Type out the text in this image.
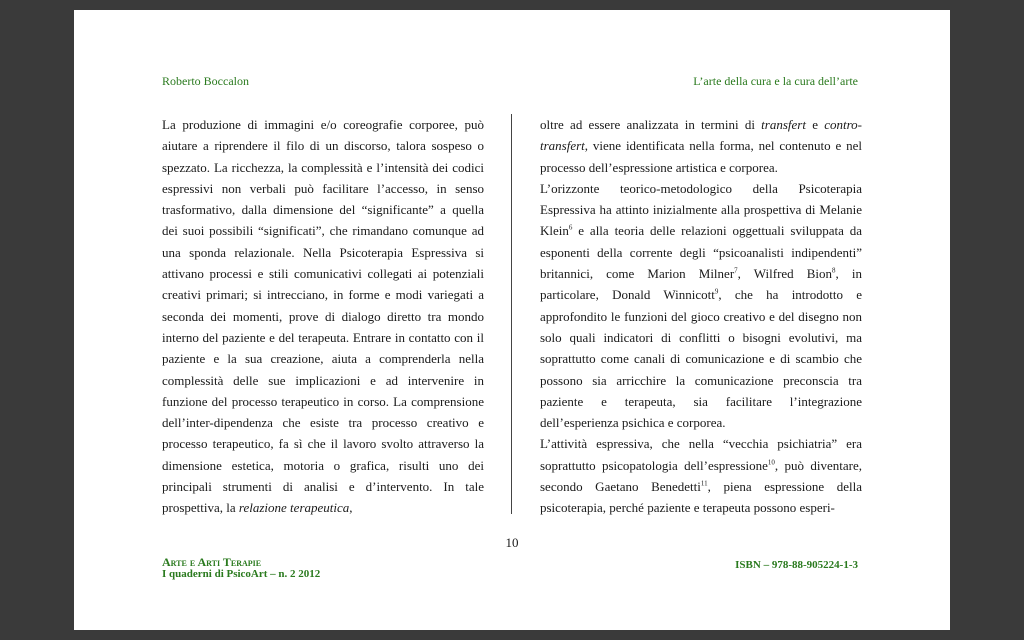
Roberto Boccalon	L’arte della cura e la cura dell’arte

La produzione di immagini e/o coreografie corporee, può aiutare a riprendere il filo di un discorso, talora sospeso o spezzato. La ricchezza, la complessità e l’intensità dei codici espressivi non verbali può facilitare l’accesso, in senso trasformativo, dalla dimensione del “significante” a quella dei suoi possibili “significati”, che rimandano comunque ad una sponda relazionale. Nella Psicoterapia Espressiva si attivano processi e stili comunicativi collegati ai potenziali creativi primari; si intrecciano, in forme e modi variegati a seconda dei momenti, prove di dialogo diretto tra mondo interno del paziente e del terapeuta. Entrare in contatto con il paziente e la sua creazione, aiuta a comprenderla nella complessità delle sue implicazioni e ad intervenire in funzione del processo terapeutico in corso. La comprensione dell’inter-dipendenza che esiste tra processo creativo e processo terapeutico, fa sì che il lavoro svolto attraverso la dimensione estetica, motoria o grafica, risulti uno dei principali strumenti di analisi e d’intervento. In tale prospettiva, la relazione terapeutica,

oltre ad essere analizzata in termini di transfert e contro-transfert, viene identificata nella forma, nel contenuto e nel processo dell’espressione artistica e corporea.

L’orizzonte teorico-metodologico della Psicoterapia Espressiva ha attinto inizialmente alla prospettiva di Melanie Klein$^6$ e alla teoria delle relazioni oggettuali sviluppata da esponenti della corrente degli “psicoanalisti indipendenti” britannici, come Marion Milner$^7$, Wilfred Bion$^8$, in particolare, Donald Winnicott$^9$, che ha introdotto e approfondito le funzioni del gioco creativo e del disegno non solo quali indicatori di conflitti o bisogni evolutivi, ma soprattutto come canali di comunicazione e di scambio che possono sia arricchire la comunicazione preconscia tra paziente e terapeuta, sia facilitare l’integrazione dell’esperienza psichica e corporea.

L’attività espressiva, che nella “vecchia psichiatria” era soprattutto psicopatologia dell’espressione$^{10}$, può diventare, secondo Gaetano Benedetti$^{11}$, piena espressione della psicoterapia, perché paziente e terapeuta possono esperi-

10
Arte e Arti Terapie
I quaderni di PsicoArt – n. 2 2012
ISBN – 978-88-905224-1-3
